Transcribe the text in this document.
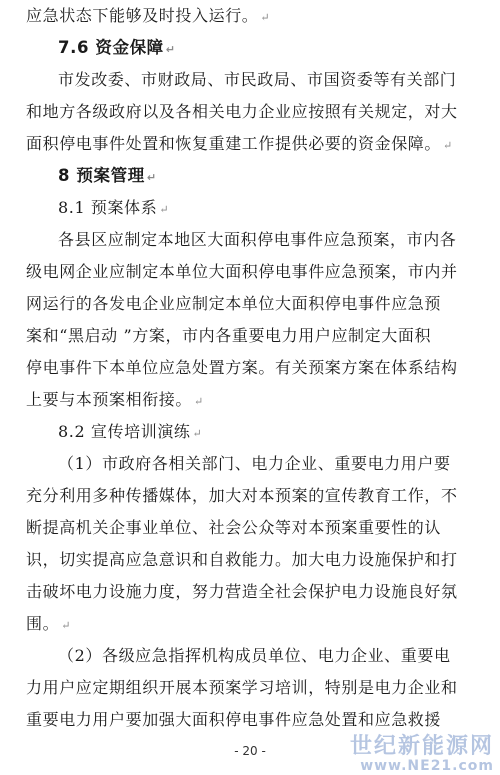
应急状态下能够及时投入运行。 ↵
7.6 资金保障 ↵
市发改委、市财政局、市民政局、市国资委等有关部门
和地方各级政府以及各相关电力企业应按照有关规定，对大
面积停电事件处置和恢复重建工作提供必要的资金保障。 ↵
8 预案管理 ↵
8.1 预案体系 ↵
各县区应制定本地区大面积停电事件应急预案，市内各
级电网企业应制定本单位大面积停电事件应急预案，市内并
网运行的各发电企业应制定本单位大面积停电事件应急预
案和“黑启动 ”方案，市内各重要电力用户应制定大面积
停电事件下本单位应急处置方案。有关预案方案在体系结构
上要与本预案相衔接。 ↵
8.2 宣传培训演练 ↵
（1）市政府各相关部门、电力企业、重要电力用户要
充分利用多种传播媒体，加大对本预案的宣传教育工作，不
断提高机关企事业单位、社会公众等对本预案重要性的认
识，切实提高应急意识和自救能力。加大电力设施保护和打
击破坏电力设施力度，努力营造全社会保护电力设施良好氛
围。 ↵
（2）各级应急指挥机构成员单位、电力企业、重要电
力用户应定期组织开展本预案学习培训，特别是电力企业和
重要电力用户要加强大面积停电事件应急处置和应急救援
- 20 -	世纪新能源网
www.NE21.com
